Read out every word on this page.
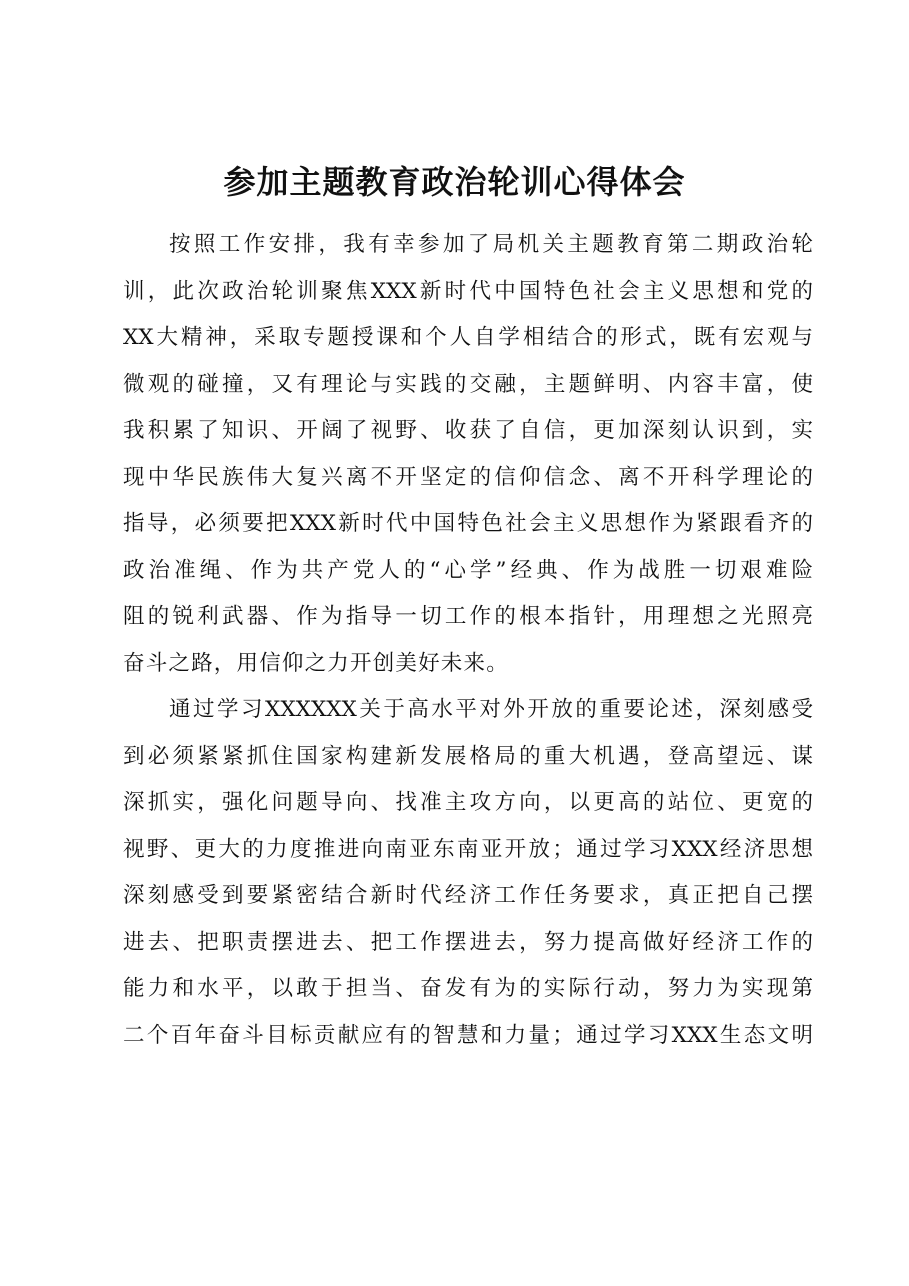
参加主题教育政治轮训心得体会

按照工作安排，我有幸参加了局机关主题教育第二期政治轮
训，此次政治轮训聚焦XXX新时代中国特色社会主义思想和党的
XX大精神，采取专题授课和个人自学相结合的形式，既有宏观与
微观的碰撞，又有理论与实践的交融，主题鲜明、内容丰富，使
我积累了知识、开阔了视野、收获了自信，更加深刻认识到，实
现中华民族伟大复兴离不开坚定的信仰信念、离不开科学理论的
指导，必须要把XXX新时代中国特色社会主义思想作为紧跟看齐的
政治准绳、作为共产党人的“心学”经典、作为战胜一切艰难险
阻的锐利武器、作为指导一切工作的根本指针，用理想之光照亮
奋斗之路，用信仰之力开创美好未来。

通过学习XXXXXX关于高水平对外开放的重要论述，深刻感受
到必须紧紧抓住国家构建新发展格局的重大机遇，登高望远、谋
深抓实，强化问题导向、找准主攻方向，以更高的站位、更宽的
视野、更大的力度推进向南亚东南亚开放；通过学习XXX经济思想
深刻感受到要紧密结合新时代经济工作任务要求，真正把自己摆
进去、把职责摆进去、把工作摆进去，努力提高做好经济工作的
能力和水平，以敢于担当、奋发有为的实际行动，努力为实现第
二个百年奋斗目标贡献应有的智慧和力量；通过学习XXX生态文明
